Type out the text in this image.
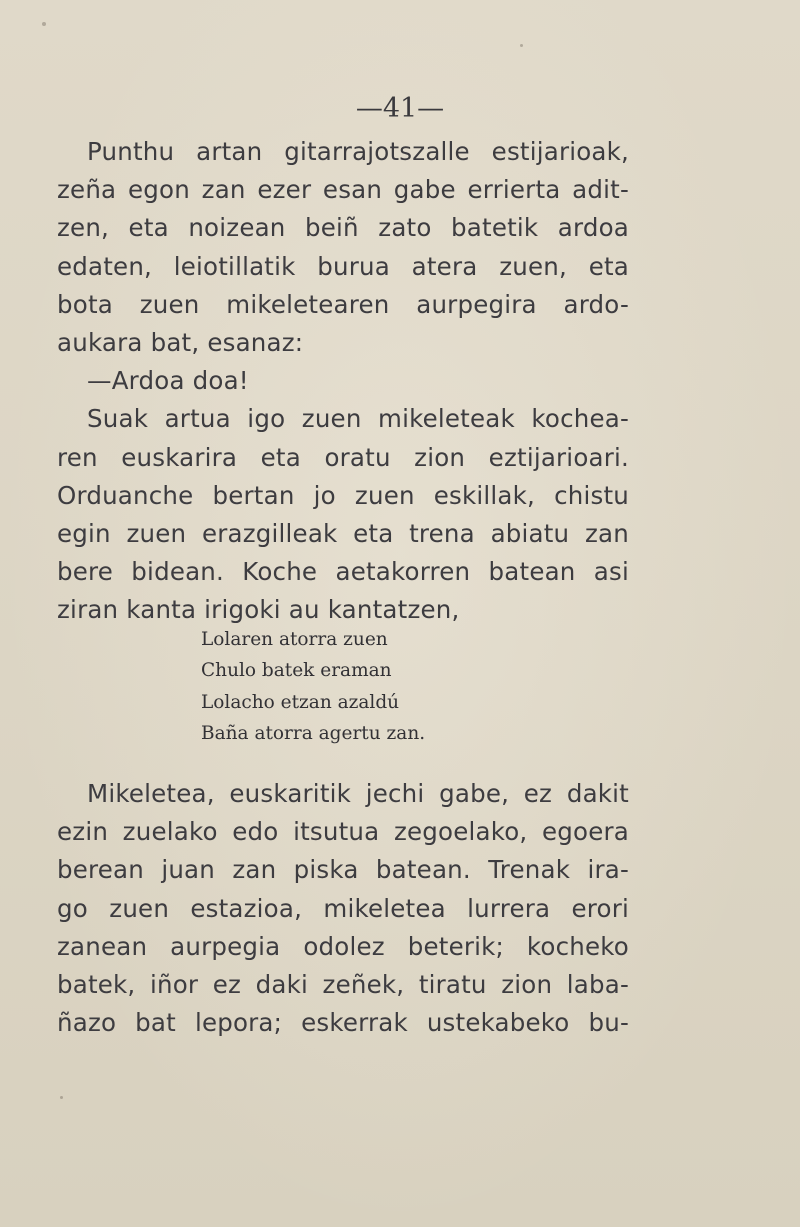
—41—
Punthu artan gitarrajotszalle estijarioak,
zeña egon zan ezer esan gabe errierta adit-
zen, eta noizean beiñ zato batetik ardoa
edaten, leiotillatik burua atera zuen, eta
bota zuen mikeletearen aurpegira ardo-
aukara bat, esanaz:
—Ardoa doa!
Suak artua igo zuen mikeleteak kochea-
ren euskarira eta oratu zion eztijarioari.
Orduanche bertan jo zuen eskillak, chistu
egin zuen erazgilleak eta trena abiatu zan
bere bidean. Koche aetakorren batean asi
ziran kanta irigoki au kantatzen,
Lolaren atorra zuen
Chulo batek eraman
Lolacho etzan azaldú
Baña atorra agertu zan.
Mikeletea, euskaritik jechi gabe, ez dakit
ezin zuelako edo itsutua zegoelako, egoera
berean juan zan piska batean. Trenak ira-
go zuen estazioa, mikeletea lurrera erori
zanean aurpegia odolez beterik; kocheko
batek, iñor ez daki zeñek, tiratu zion laba-
ñazo bat lepora; eskerrak ustekabeko bu-
